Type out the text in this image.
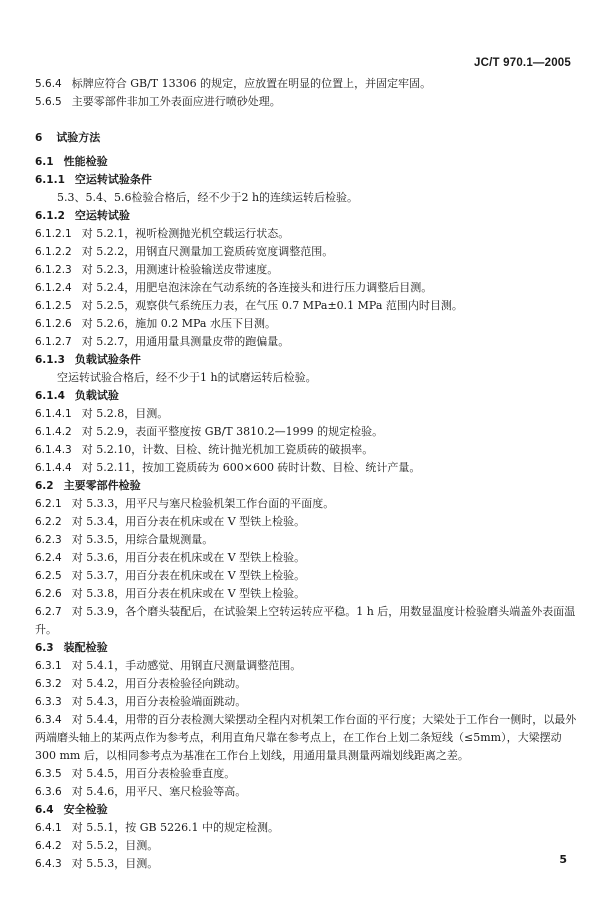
JC/T 970.1—2005
5.6.4 标牌应符合 GB/T 13306 的规定，应放置在明显的位置上，并固定牢固。
5.6.5 主要零部件非加工外表面应进行喷砂处理。
6 试验方法
6.1 性能检验
6.1.1 空运转试验条件
5.3、5.4、5.6检验合格后，经不少于2 h的连续运转后检验。
6.1.2 空运转试验
6.1.2.1 对 5.2.1，视听检测抛光机空载运行状态。
6.1.2.2 对 5.2.2，用钢直尺测量加工瓷质砖宽度调整范围。
6.1.2.3 对 5.2.3，用测速计检验输送皮带速度。
6.1.2.4 对 5.2.4，用肥皂泡沫涂在气动系统的各连接头和进行压力调整后目测。
6.1.2.5 对 5.2.5，观察供气系统压力表，在气压 0.7 MPa±0.1 MPa 范围内时目测。
6.1.2.6 对 5.2.6，施加 0.2 MPa 水压下目测。
6.1.2.7 对 5.2.7，用通用量具测量皮带的跑偏量。
6.1.3 负载试验条件
空运转试验合格后，经不少于1 h的试磨运转后检验。
6.1.4 负载试验
6.1.4.1 对 5.2.8，目测。
6.1.4.2 对 5.2.9，表面平整度按 GB/T 3810.2—1999 的规定检验。
6.1.4.3 对 5.2.10，计数、目检、统计抛光机加工瓷质砖的破损率。
6.1.4.4 对 5.2.11，按加工瓷质砖为 600×600 砖时计数、目检、统计产量。
6.2 主要零部件检验
6.2.1 对 5.3.3，用平尺与塞尺检验机架工作台面的平面度。
6.2.2 对 5.3.4，用百分表在机床或在 V 型铁上检验。
6.2.3 对 5.3.5，用综合量规测量。
6.2.4 对 5.3.6，用百分表在机床或在 V 型铁上检验。
6.2.5 对 5.3.7，用百分表在机床或在 V 型铁上检验。
6.2.6 对 5.3.8，用百分表在机床或在 V 型铁上检验。
6.2.7 对 5.3.9，各个磨头装配后，在试验架上空转运转应平稳。1 h 后，用数显温度计检验磨头端盖外表面温升。
6.3 装配检验
6.3.1 对 5.4.1，手动感觉、用钢直尺测量调整范围。
6.3.2 对 5.4.2，用百分表检验径向跳动。
6.3.3 对 5.4.3，用百分表检验端面跳动。
6.3.4 对 5.4.4，用带的百分表检测大梁摆动全程内对机架工作台面的平行度；大梁处于工作台一侧时，以最外两端磨头轴上的某两点作为参考点，利用直角尺靠在参考点上，在工作台上划二条短线（≤5mm），大梁摆动 300 mm 后，以相同参考点为基准在工作台上划线，用通用量具测量两端划线距离之差。
6.3.5 对 5.4.5，用百分表检验垂直度。
6.3.6 对 5.4.6，用平尺、塞尺检验等高。
6.4 安全检验
6.4.1 对 5.5.1，按 GB 5226.1 中的规定检测。
6.4.2 对 5.5.2，目测。
6.4.3 对 5.5.3，目测。	5
